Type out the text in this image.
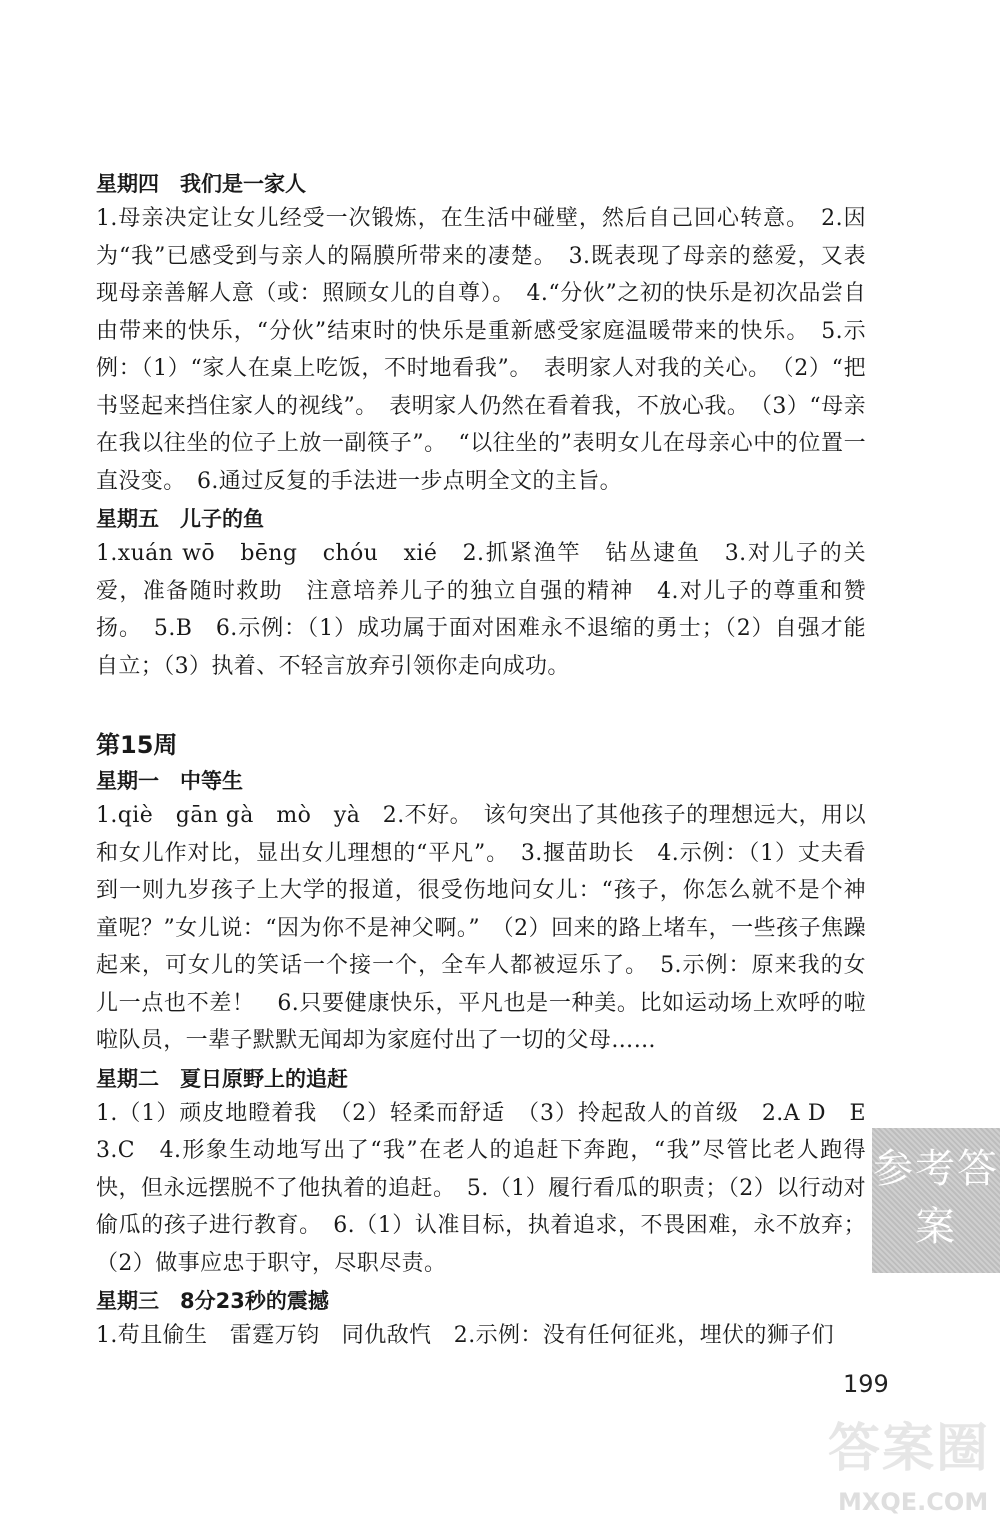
星期四　我们是一家人

1.母亲决定让女儿经受一次锻炼，在生活中碰壁，然后自己回心转意。　2.因为“我”已感受到与亲人的隔膜所带来的凄楚。　3.既表现了母亲的慈爱，又表现母亲善解人意（或：照顾女儿的自尊）。　4.“分伙”之初的快乐是初次品尝自由带来的快乐，“分伙”结束时的快乐是重新感受家庭温暖带来的快乐。　5.示例：（1）“家人在桌上吃饭，不时地看我”。　表明家人对我的关心。　（2）“把书竖起来挡住家人的视线”。　表明家人仍然在看着我，不放心我。　（3）“母亲在我以往坐的位子上放一副筷子”。　“以往坐的”表明女儿在母亲心中的位置一直没变。　6.通过反复的手法进一步点明全文的主旨。

星期五　儿子的鱼

1.xuán wō　bēng　chóu　xié　2.抓紧渔竿　钻丛逮鱼　3.对儿子的关爱，准备随时救助　注意培养儿子的独立自强的精神　4.对儿子的尊重和赞扬。　5.B　6.示例：（1）成功属于面对困难永不退缩的勇士；（2）自强才能自立；（3）执着、不轻言放弃引领你走向成功。

第15周
星期一　中等生

1.qiè　gān gà　mò　yà　2.不好。　该句突出了其他孩子的理想远大，用以和女儿作对比，显出女儿理想的“平凡”。　3.揠苗助长　4.示例：（1）丈夫看到一则九岁孩子上大学的报道，很受伤地问女儿：“孩子，你怎么就不是个神童呢？”女儿说：“因为你不是神父啊。”　（2）回来的路上堵车，一些孩子焦躁起来，可女儿的笑话一个接一个，全车人都被逗乐了。　5.示例：原来我的女儿一点也不差！　6.只要健康快乐，平凡也是一种美。比如运动场上欢呼的啦啦队员，一辈子默默无闻却为家庭付出了一切的父母……

星期二　夏日原野上的追赶

1.（1）顽皮地瞪着我　（2）轻柔而舒适　（3）拎起敌人的首级　2.A D　E　3.C　4.形象生动地写出了“我”在老人的追赶下奔跑，“我”尽管比老人跑得快，但永远摆脱不了他执着的追赶。　5.（1）履行看瓜的职责；（2）以行动对偷瓜的孩子进行教育。　6.（1）认准目标，执着追求，不畏困难，永不放弃；（2）做事应忠于职守，尽职尽责。

星期三　8分23秒的震撼

1.苟且偷生　雷霆万钧　同仇敌忾　2.示例：没有任何征兆，埋伏的狮子们

参考答案
199
答案圈
MXQE.COM
